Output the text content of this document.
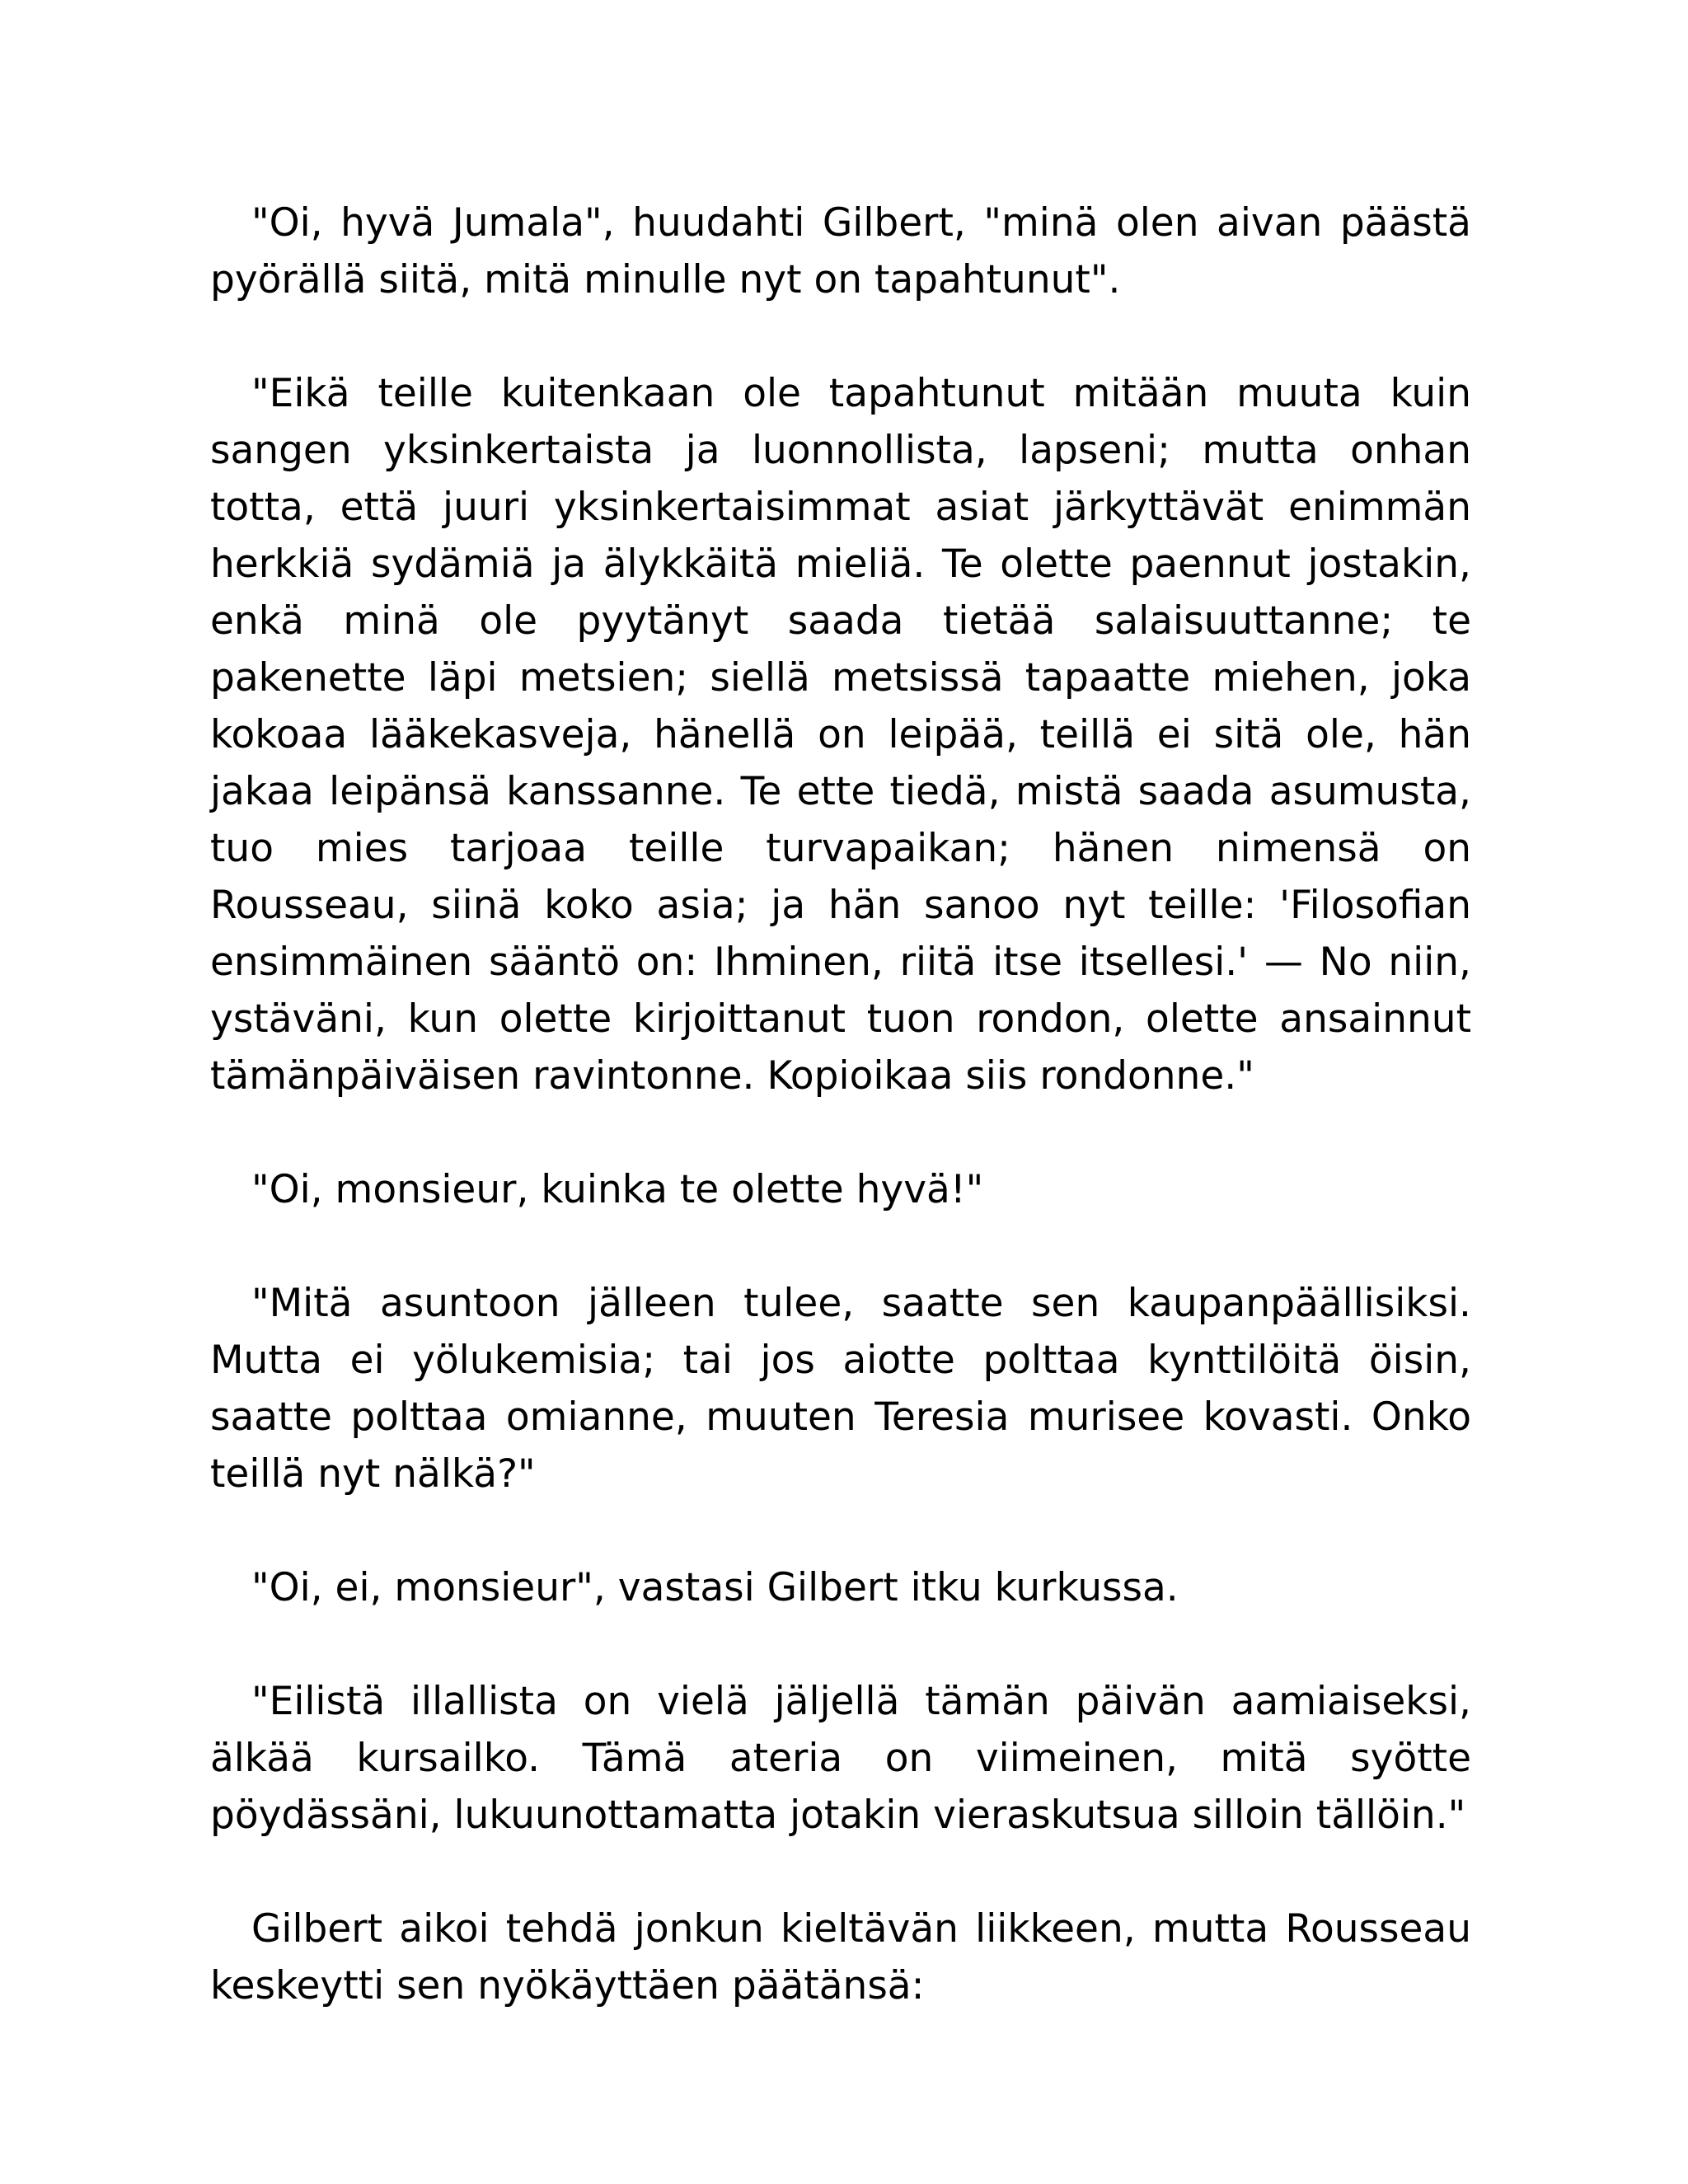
"Oi, hyvä Jumala", huudahti Gilbert, "minä olen aivan päästä pyörällä siitä, mitä minulle nyt on tapahtunut".

"Eikä teille kuitenkaan ole tapahtunut mitään muuta kuin sangen yksinkertaista ja luonnollista, lapseni; mutta onhan totta, että juuri yksinkertaisimmat asiat järkyttävät enimmän herkkiä sydämiä ja älykkäitä mieliä. Te olette paennut jostakin, enkä minä ole pyytänyt saada tietää salaisuuttanne; te pakenette läpi metsien; siellä metsissä tapaatte miehen, joka kokoaa lääkekasveja, hänellä on leipää, teillä ei sitä ole, hän jakaa leipänsä kanssanne. Te ette tiedä, mistä saada asumusta, tuo mies tarjoaa teille turvapaikan; hänen nimensä on Rousseau, siinä koko asia; ja hän sanoo nyt teille: 'Filosofian ensimmäinen sääntö on: Ihminen, riitä itse itsellesi.' — No niin, ystäväni, kun olette kirjoittanut tuon rondon, olette ansainnut tämänpäiväisen ravintonne. Kopioikaa siis rondonne."

"Oi, monsieur, kuinka te olette hyvä!"

"Mitä asuntoon jälleen tulee, saatte sen kaupanpäällisiksi. Mutta ei yölukemisia; tai jos aiotte polttaa kynttilöitä öisin, saatte polttaa omianne, muuten Teresia murisee kovasti. Onko teillä nyt nälkä?"

"Oi, ei, monsieur", vastasi Gilbert itku kurkussa.

"Eilistä illallista on vielä jäljellä tämän päivän aamiaiseksi, älkää kursailko. Tämä ateria on viimeinen, mitä syötte pöydässäni, lukuunottamatta jotakin vieraskutsua silloin tällöin."

Gilbert aikoi tehdä jonkun kieltävän liikkeen, mutta Rousseau keskeytti sen nyökäyttäen päätänsä:
